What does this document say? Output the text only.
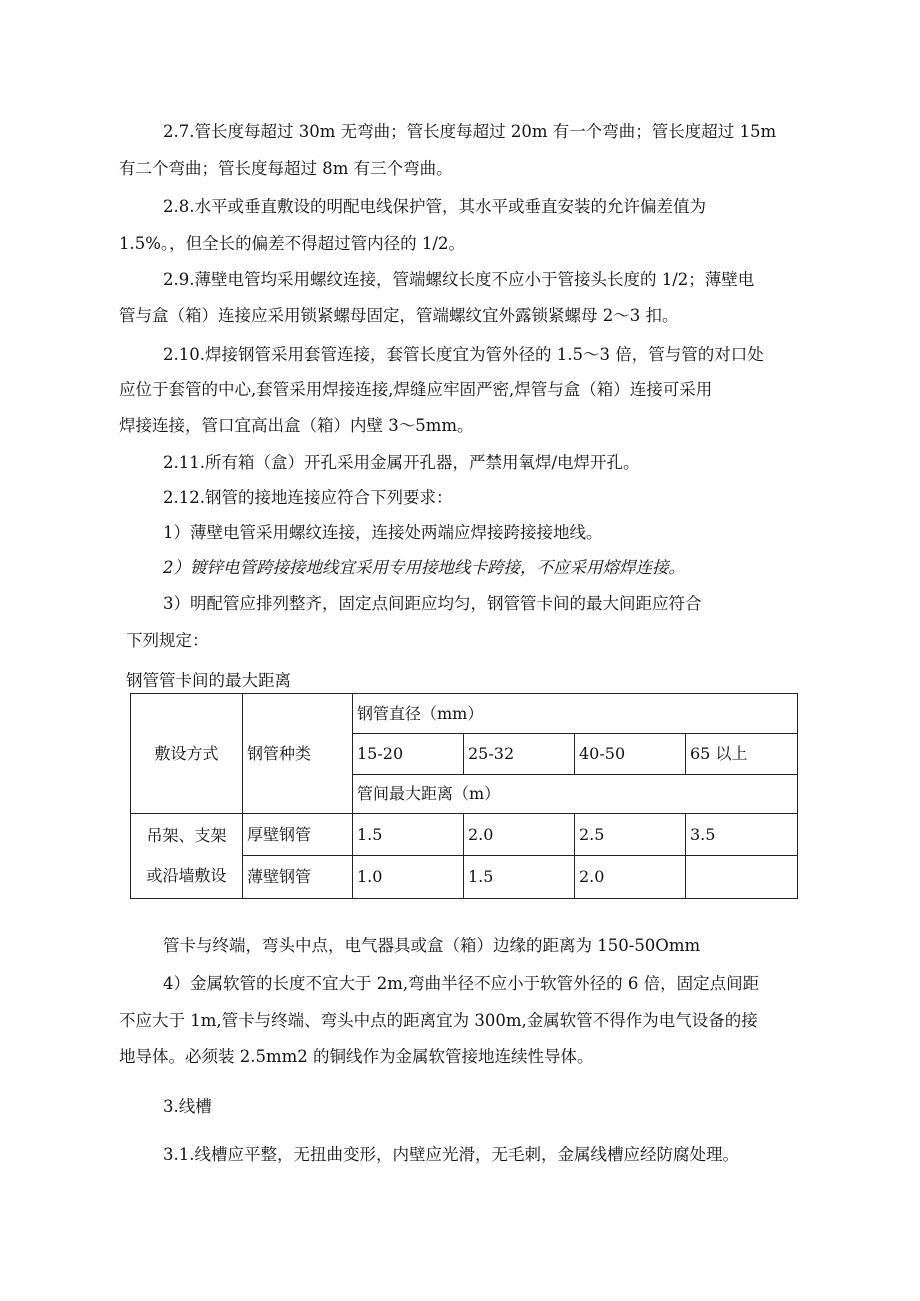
2.7.管长度每超过 30m 无弯曲；管长度每超过 20m 有一个弯曲；管长度超过 15m
有二个弯曲；管长度每超过 8m 有三个弯曲。
2.8.水平或垂直敷设的明配电线保护管，其水平或垂直安装的允许偏差值为
1.5%。，但全长的偏差不得超过管内径的 1/2。
2.9.薄壁电管均采用螺纹连接，管端螺纹长度不应小于管接头长度的 1/2；薄壁电
管与盒（箱）连接应采用锁紧螺母固定，管端螺纹宜外露锁紧螺母 2～3 扣。
2.10.焊接钢管采用套管连接，套管长度宜为管外径的 1.5～3 倍，管与管的对口处
应位于套管的中心,套管采用焊接连接,焊缝应牢固严密,焊管与盒（箱）连接可采用
焊接连接，管口宜高出盒（箱）内壁 3～5mm。
2.11.所有箱（盒）开孔采用金属开孔器，严禁用氧焊/电焊开孔。
2.12.钢管的接地连接应符合下列要求：
1）薄壁电管采用螺纹连接，连接处两端应焊接跨接接地线。
2）镀锌电管跨接接地线宜采用专用接地线卡跨接，不应采用熔焊连接。
3）明配管应排列整齐，固定点间距应均匀，钢管管卡间的最大间距应符合
下列规定：
钢管管卡间的最大距离
敷设方式	钢管种类	钢管直径（mm）			
		15-20	25-32	40-50	65 以上
		管间最大距离（m）			

吊架、支架
或沿墙敷设	厚壁钢管	1.5	2.0	2.5	3.5
	薄壁钢管	1.0	1.5	2.0	
管卡与终端，弯头中点，电气器具或盒（箱）边缘的距离为 150-50Omm
4）金属软管的长度不宜大于 2m,弯曲半径不应小于软管外径的 6 倍，固定点间距
不应大于 1m,管卡与终端、弯头中点的距离宜为 300m,金属软管不得作为电气设备的接
地导体。必须装 2.5mm2 的铜线作为金属软管接地连续性导体。
3.线槽
3.1.线槽应平整，无扭曲变形，内壁应光滑，无毛刺，金属线槽应经防腐处理。
